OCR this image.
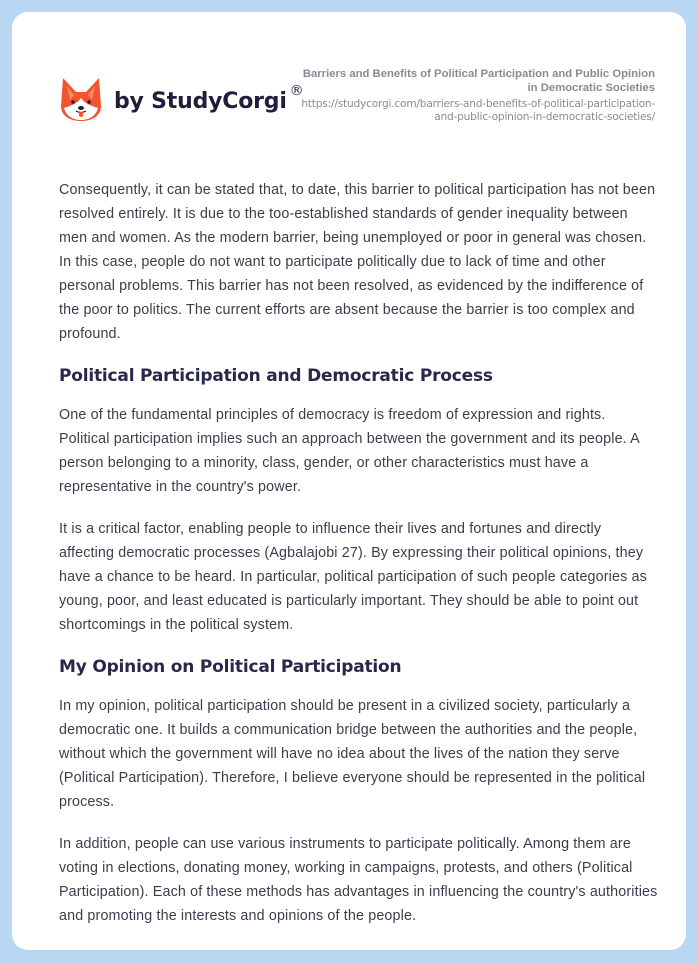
by StudyCorgi ®
Barriers and Benefits of Political Participation and Public Opinion in Democratic Societies
https://studycorgi.com/barriers-and-benefits-of-political-participation-and-public-opinion-in-democratic-societies/

Consequently, it can be stated that, to date, this barrier to political participation has not been resolved entirely. It is due to the too-established standards of gender inequality between men and women. As the modern barrier, being unemployed or poor in general was chosen. In this case, people do not want to participate politically due to lack of time and other personal problems. This barrier has not been resolved, as evidenced by the indifference of the poor to politics. The current efforts are absent because the barrier is too complex and profound.

Political Participation and Democratic Process

One of the fundamental principles of democracy is freedom of expression and rights. Political participation implies such an approach between the government and its people. A person belonging to a minority, class, gender, or other characteristics must have a representative in the country's power.

It is a critical factor, enabling people to influence their lives and fortunes and directly affecting democratic processes (Agbalajobi 27). By expressing their political opinions, they have a chance to be heard. In particular, political participation of such people categories as young, poor, and least educated is particularly important. They should be able to point out shortcomings in the political system.

My Opinion on Political Participation

In my opinion, political participation should be present in a civilized society, particularly a democratic one. It builds a communication bridge between the authorities and the people, without which the government will have no idea about the lives of the nation they serve (Political Participation). Therefore, I believe everyone should be represented in the political process.

In addition, people can use various instruments to participate politically. Among them are voting in elections, donating money, working in campaigns, protests, and others (Political Participation). Each of these methods has advantages in influencing the country's authorities and promoting the interests and opinions of the people.
